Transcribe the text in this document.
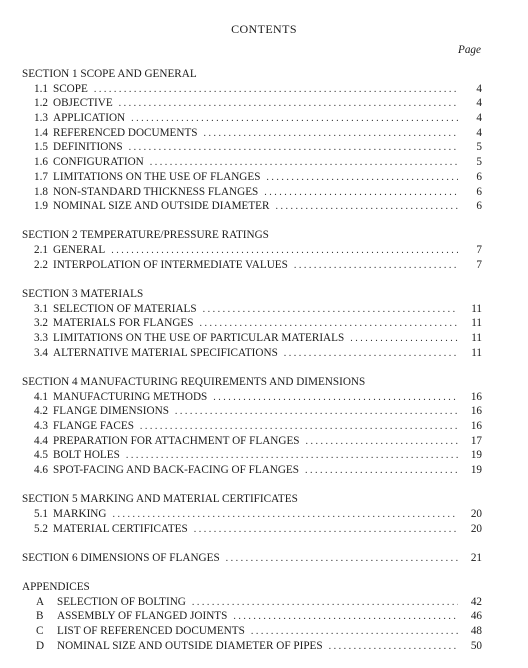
CONTENTS
Page
SECTION 1 SCOPE AND GENERAL
1.1 SCOPE . . .	4
1.2 OBJECTIVE . . .	4
1.3 APPLICATION . . .	4
1.4 REFERENCED DOCUMENTS . . .	4
1.5 DEFINITIONS . . .	5
1.6 CONFIGURATION . . .	5
1.7 LIMITATIONS ON THE USE OF FLANGES . . .	6
1.8 NON-STANDARD THICKNESS FLANGES . . .	6
1.9 NOMINAL SIZE AND OUTSIDE DIAMETER . . .	6
SECTION 2 TEMPERATURE/PRESSURE RATINGS
2.1 GENERAL . . .	7
2.2 INTERPOLATION OF INTERMEDIATE VALUES . . .	7
SECTION 3 MATERIALS
3.1 SELECTION OF MATERIALS . . .	11
3.2 MATERIALS FOR FLANGES . . .	11
3.3 LIMITATIONS ON THE USE OF PARTICULAR MATERIALS . . .	11
3.4 ALTERNATIVE MATERIAL SPECIFICATIONS . . .	11
SECTION 4 MANUFACTURING REQUIREMENTS AND DIMENSIONS
4.1 MANUFACTURING METHODS . . .	16
4.2 FLANGE DIMENSIONS . . .	16
4.3 FLANGE FACES . . .	16
4.4 PREPARATION FOR ATTACHMENT OF FLANGES . . .	17
4.5 BOLT HOLES . . .	19
4.6 SPOT-FACING AND BACK-FACING OF FLANGES . . .	19
SECTION 5 MARKING AND MATERIAL CERTIFICATES
5.1 MARKING . . .	20
5.2 MATERIAL CERTIFICATES . . .	20
SECTION 6 DIMENSIONS OF FLANGES . . .	21
APPENDICES
A	SELECTION OF BOLTING . . .	42
B	ASSEMBLY OF FLANGED JOINTS . . .	46
C	LIST OF REFERENCED DOCUMENTS . . .	48
D	NOMINAL SIZE AND OUTSIDE DIAMETER OF PIPES . . .	50
